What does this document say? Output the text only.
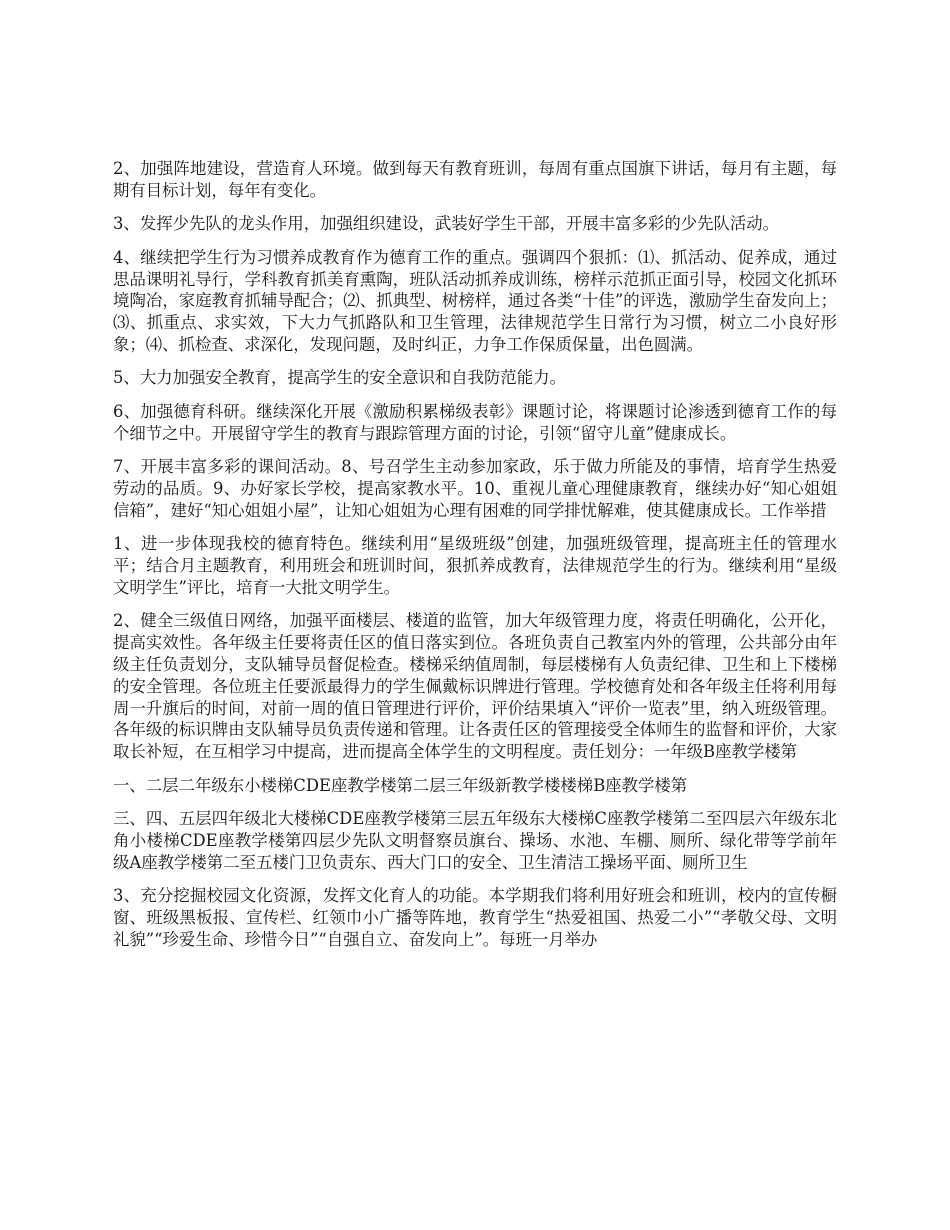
2、加强阵地建设，营造育人环境。做到每天有教育班训，每周有重点国旗下讲话，每月有主题，每期有目标计划，每年有变化。

3、发挥少先队的龙头作用，加强组织建设，武装好学生干部，开展丰富多彩的少先队活动。

4、继续把学生行为习惯养成教育作为德育工作的重点。强调四个狠抓：⑴、抓活动、促养成，通过思品课明礼导行，学科教育抓美育熏陶，班队活动抓养成训练，榜样示范抓正面引导，校园文化抓环境陶冶，家庭教育抓辅导配合；⑵、抓典型、树榜样，通过各类“十佳”的评选，激励学生奋发向上；⑶、抓重点、求实效，下大力气抓路队和卫生管理，法律规范学生日常行为习惯，树立二小良好形象；⑷、抓检查、求深化，发现问题，及时纠正，力争工作保质保量，出色圆满。

5、大力加强安全教育，提高学生的安全意识和自我防范能力。

6、加强德育科研。继续深化开展《激励积累梯级表彰》课题讨论，将课题讨论渗透到德育工作的每个细节之中。开展留守学生的教育与跟踪管理方面的讨论，引领“留守儿童”健康成长。

7、开展丰富多彩的课间活动。8、号召学生主动参加家政，乐于做力所能及的事情，培育学生热爱劳动的品质。9、办好家长学校，提高家教水平。10、重视儿童心理健康教育，继续办好“知心姐姐信箱”，建好“知心姐姐小屋”，让知心姐姐为心理有困难的同学排忧解难，使其健康成长。工作举措

1、进一步体现我校的德育特色。继续利用“星级班级”创建，加强班级管理，提高班主任的管理水平；结合月主题教育，利用班会和班训时间，狠抓养成教育，法律规范学生的行为。继续利用“星级文明学生”评比，培育一大批文明学生。

2、健全三级值日网络，加强平面楼层、楼道的监管，加大年级管理力度，将责任明确化，公开化，提高实效性。各年级主任要将责任区的值日落实到位。各班负责自己教室内外的管理，公共部分由年级主任负责划分，支队辅导员督促检查。楼梯采纳值周制，每层楼梯有人负责纪律、卫生和上下楼梯的安全管理。各位班主任要派最得力的学生佩戴标识牌进行管理。学校德育处和各年级主任将利用每周一升旗后的时间，对前一周的值日管理进行评价，评价结果填入“评价一览表”里，纳入班级管理。各年级的标识牌由支队辅导员负责传递和管理。让各责任区的管理接受全体师生的监督和评价，大家取长补短，在互相学习中提高，进而提高全体学生的文明程度。责任划分：一年级B座教学楼第

一、二层二年级东小楼梯CDE座教学楼第二层三年级新教学楼楼梯B座教学楼第

三、四、五层四年级北大楼梯CDE座教学楼第三层五年级东大楼梯C座教学楼第二至四层六年级东北角小楼梯CDE座教学楼第四层少先队文明督察员旗台、操场、水池、车棚、厕所、绿化带等学前年级A座教学楼第二至五楼门卫负责东、西大门口的安全、卫生清洁工操场平面、厕所卫生

3、充分挖掘校园文化资源，发挥文化育人的功能。本学期我们将利用好班会和班训，校内的宣传橱窗、班级黑板报、宣传栏、红领巾小广播等阵地，教育学生“热爱祖国、热爱二小”“孝敬父母、文明礼貌”“珍爱生命、珍惜今日”“自强自立、奋发向上”。每班一月举办
